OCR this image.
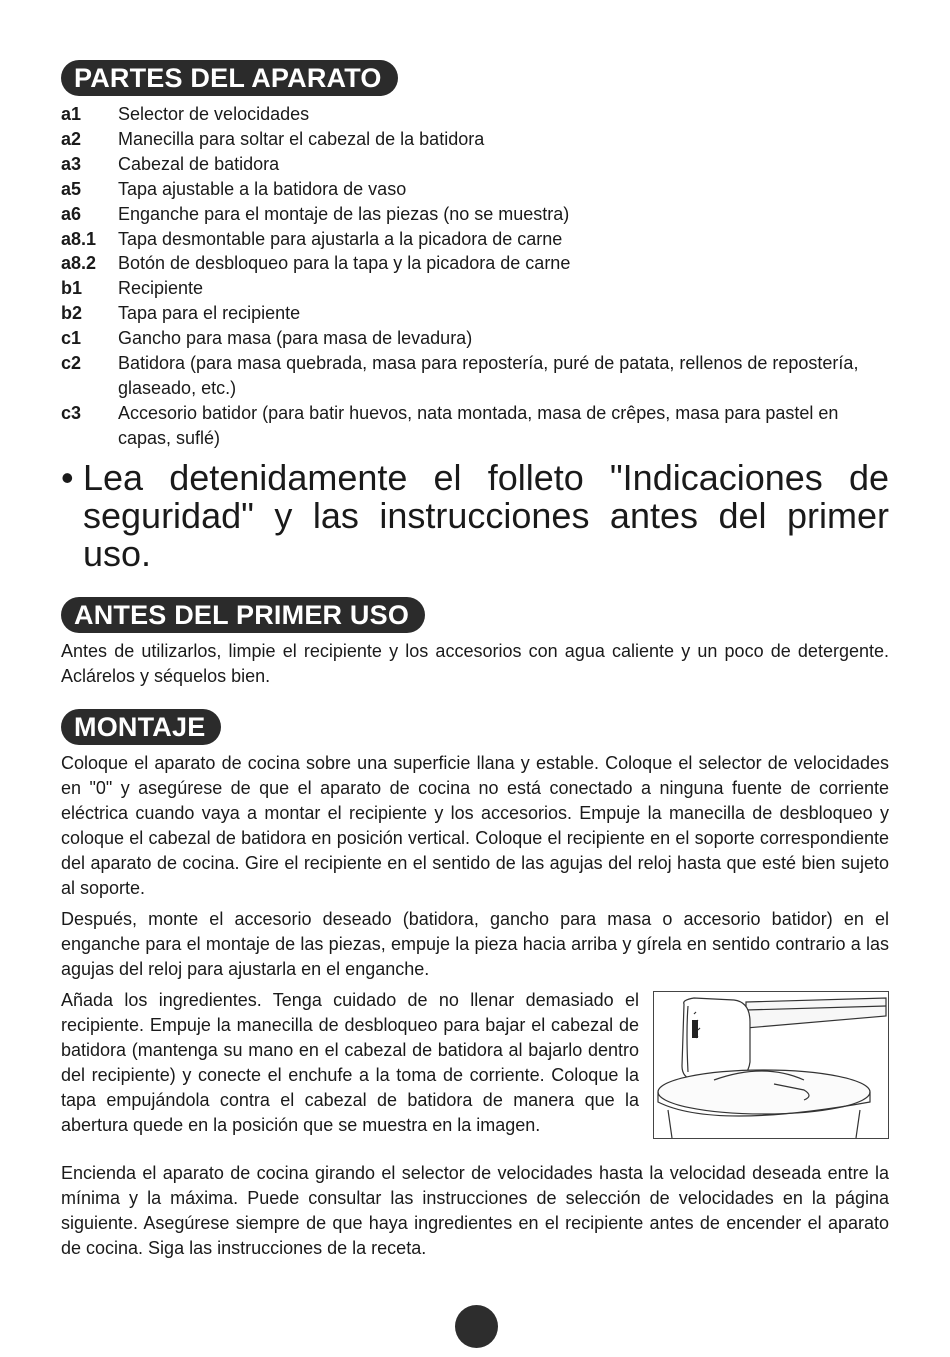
PARTES DEL APARATO
a1	Selector de velocidades
a2	Manecilla para soltar el cabezal de la batidora
a3	Cabezal de batidora
a5	Tapa ajustable a la batidora de vaso
a6	Enganche para el montaje de las piezas (no se muestra)
a8.1	Tapa desmontable para ajustarla a la picadora de carne
a8.2	Botón de desbloqueo para la tapa y la picadora de carne
b1	Recipiente
b2	Tapa para el recipiente
c1	Gancho para masa (para masa de levadura)
c2	Batidora (para masa quebrada, masa para repostería, puré de patata, rellenos de repostería, glaseado, etc.)
c3	Accesorio batidor (para batir huevos, nata montada, masa de crêpes, masa para pastel en capas, suflé)
• Lea detenidamente el folleto "Indicaciones de seguridad" y las instrucciones antes del primer uso.
ANTES DEL PRIMER USO

Antes de utilizarlos, limpie el recipiente y los accesorios con agua caliente y un poco de detergente. Aclárelos y séquelos bien.

MONTAJE

Coloque el aparato de cocina sobre una superficie llana y estable. Coloque el selector de velocidades en "0" y asegúrese de que el aparato de cocina no está conectado a ninguna fuente de corriente eléctrica cuando vaya a montar el recipiente y los accesorios. Empuje la manecilla de desbloqueo y coloque el cabezal de batidora en posición vertical. Coloque el recipiente en el soporte correspondiente del aparato de cocina. Gire el recipiente en el sentido de las agujas del reloj hasta que esté bien sujeto al soporte.

Después, monte el accesorio deseado (batidora, gancho para masa o accesorio batidor) en el enganche para el montaje de las piezas, empuje la pieza hacia arriba y gírela en sentido contrario a las agujas del reloj para ajustarla en el enganche.

Añada los ingredientes. Tenga cuidado de no llenar demasiado el recipiente. Empuje la manecilla de desbloqueo para bajar el cabezal de batidora (mantenga su mano en el cabezal de batidora al bajarlo dentro del recipiente) y conecte el enchufe a la toma de corriente. Coloque la tapa empujándola contra el cabezal de batidora de manera que la abertura quede en la posición que se muestra en la imagen.

Encienda el aparato de cocina girando el selector de velocidades hasta la velocidad deseada entre la mínima y la máxima. Puede consultar las instrucciones de selección de velocidades en la página siguiente. Asegúrese siempre de que haya ingredientes en el recipiente antes de encender el aparato de cocina. Siga las instrucciones de la receta.
